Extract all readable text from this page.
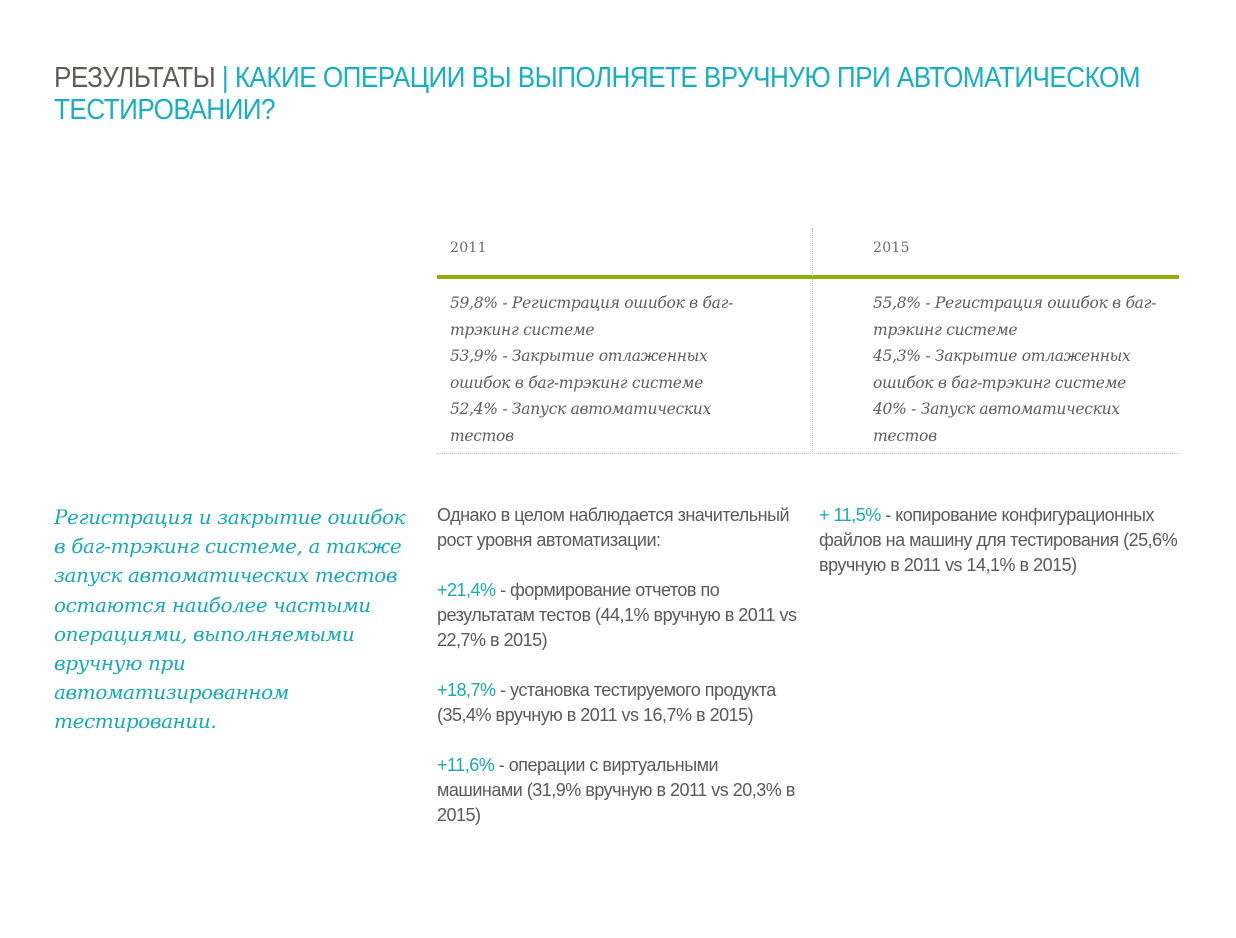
РЕЗУЛЬТАТЫ | КАКИЕ ОПЕРАЦИИ ВЫ ВЫПОЛНЯЕТЕ ВРУЧНУЮ ПРИ АВТОМАТИЧЕСКОМ ТЕСТИРОВАНИИ?
2011
59,8% - Регистрация ошибок в баг-трэкинг системе
53,9% - Закрытие отлаженных ошибок в баг-трэкинг системе
52,4% - Запуск автоматических тестов
2015
55,8% - Регистрация ошибок в баг-трэкинг системе
45,3% - Закрытие отлаженных ошибок в баг-трэкинг системе
40% - Запуск автоматических тестов
Регистрация и закрытие ошибок в баг-трэкинг системе, а также запуск автоматических тестов остаются наиболее частыми операциями, выполняемыми вручную при автоматизированном тестировании.
Однако в целом наблюдается значительный рост уровня автоматизации:
+21,4% - формирование отчетов по результатам тестов (44,1% вручную в 2011 vs 22,7% в 2015)
+18,7% - установка тестируемого продукта (35,4% вручную в 2011 vs 16,7% в 2015)
+11,6% - операции с виртуальными машинами (31,9% вручную в 2011 vs 20,3% в 2015)
+ 11,5% - копирование конфигурационных файлов на машину для тестирования (25,6% вручную в 2011 vs 14,1% в 2015)
